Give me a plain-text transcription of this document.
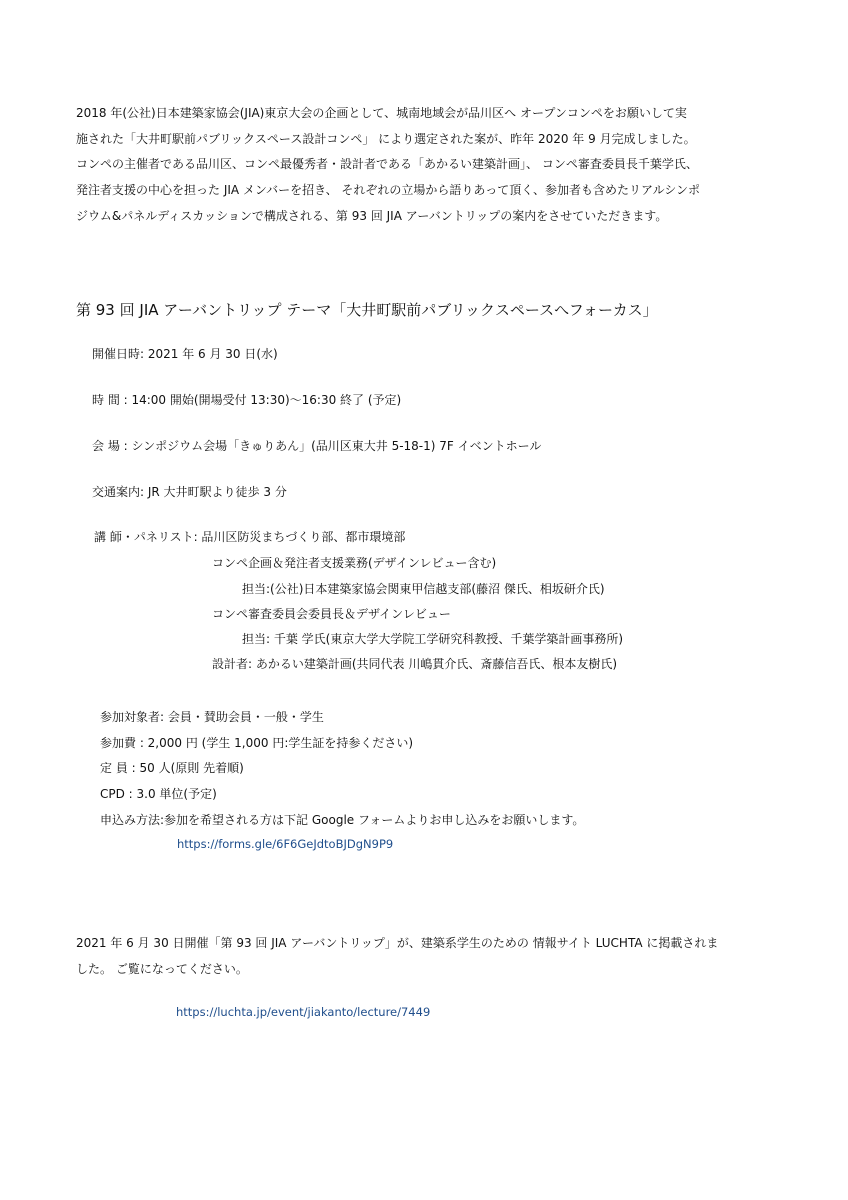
2018 年(公社)日本建築家協会(JIA)東京大会の企画として、城南地域会が品川区へ オープンコンペをお願いして実
施された「大井町駅前パブリックスペース設計コンペ」 により選定された案が、昨年 2020 年 9 月完成しました。
コンペの主催者である品川区、コンペ最優秀者・設計者である「あかるい建築計画」、 コンペ審査委員長千葉学氏、
発注者支援の中心を担った JIA メンバーを招き、 それぞれの立場から語りあって頂く、参加者も含めたリアルシンポ
ジウム&パネルディスカッションで構成される、第 93 回 JIA アーバントリップの案内をさせていただきます。
第 93 回 JIA アーバントリップ テーマ「大井町駅前パブリックスペースへフォーカス」
開催日時: 2021 年 6 月 30 日(水)
時 間 : 14:00 開始(開場受付 13:30)～16:30 終了 (予定)
会 場 : シンポジウム会場「きゅりあん」(品川区東大井 5-18-1) 7F イベントホール
交通案内: JR 大井町駅より徒歩 3 分
講 師・パネリスト: 品川区防災まちづくり部、都市環境部
コンペ企画＆発注者支援業務(デザインレビュー含む)
担当:(公社)日本建築家協会関東甲信越支部(藤沼 傑氏、相坂研介氏)
コンペ審査委員会委員長＆デザインレビュー
担当: 千葉 学氏(東京大学大学院工学研究科教授、千葉学築計画事務所)
設計者: あかるい建築計画(共同代表 川嶋貫介氏、斎藤信吾氏、根本友樹氏)
参加対象者: 会員・賛助会員・一般・学生
参加費 : 2,000 円 (学生 1,000 円:学生証を持参ください)
定 員 : 50 人(原則 先着順)
CPD : 3.0 単位(予定)
申込み方法:参加を希望される方は下記 Google フォームよりお申し込みをお願いします。
https://forms.gle/6F6GeJdtoBJDgN9P9
2021 年 6 月 30 日開催「第 93 回 JIA アーバントリップ」が、建築系学生のための 情報サイト LUCHTA に掲載されま
した。 ご覧になってください。
https://luchta.jp/event/jiakanto/lecture/7449
